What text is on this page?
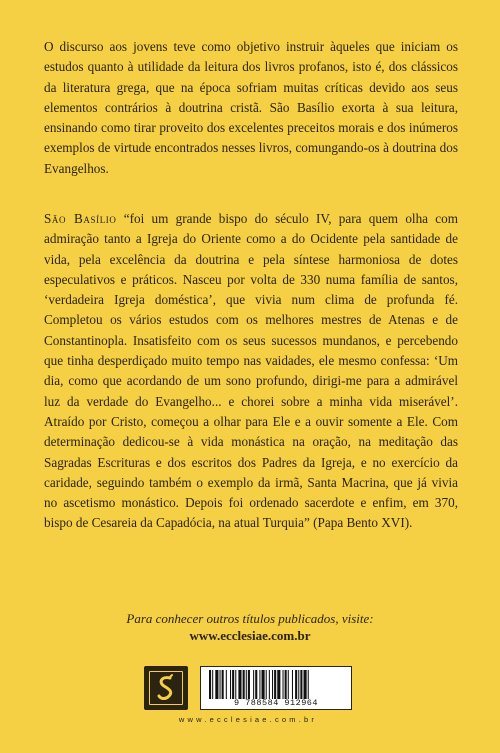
O discurso aos jovens teve como objetivo instruir àqueles que iniciam os estudos quanto à utilidade da leitura dos livros profanos, isto é, dos clássicos da literatura grega, que na época sofriam muitas críticas devido aos seus elementos contrários à doutrina cristã. São Basílio exorta à sua leitura, ensinando como tirar proveito dos excelentes preceitos morais e dos inúmeros exemplos de virtude encontrados nesses livros, comungando-os à doutrina dos Evangelhos.

São Basílio “foi um grande bispo do século IV, para quem olha com admiração tanto a Igreja do Oriente como a do Ocidente pela santidade de vida, pela excelência da doutrina e pela síntese harmoniosa de dotes especulativos e práticos. Nasceu por volta de 330 numa família de santos, ‘verdadeira Igreja doméstica’, que vivia num clima de profunda fé. Completou os vários estudos com os melhores mestres de Atenas e de Constantinopla. Insatisfeito com os seus sucessos mundanos, e percebendo que tinha desperdiçado muito tempo nas vaidades, ele mesmo confessa: ‘Um dia, como que acordando de um sono profundo, dirigi-me para a admirável luz da verdade do Evangelho... e chorei sobre a minha vida miserável’. Atraído por Cristo, começou a olhar para Ele e a ouvir somente a Ele. Com determinação dedicou-se à vida monástica na oração, na meditação das Sagradas Escrituras e dos escritos dos Padres da Igreja, e no exercício da caridade, seguindo também o exemplo da irmã, Santa Macrina, que já vivia no ascetismo monástico. Depois foi ordenado sacerdote e enfim, em 370, bispo de Cesareia da Capadócia, na atual Turquia” (Papa Bento XVI).

Para conhecer outros títulos publicados, visite:

www.ecclesiae.com.br

9 788584 912964
www.ecclesiae.com.br
